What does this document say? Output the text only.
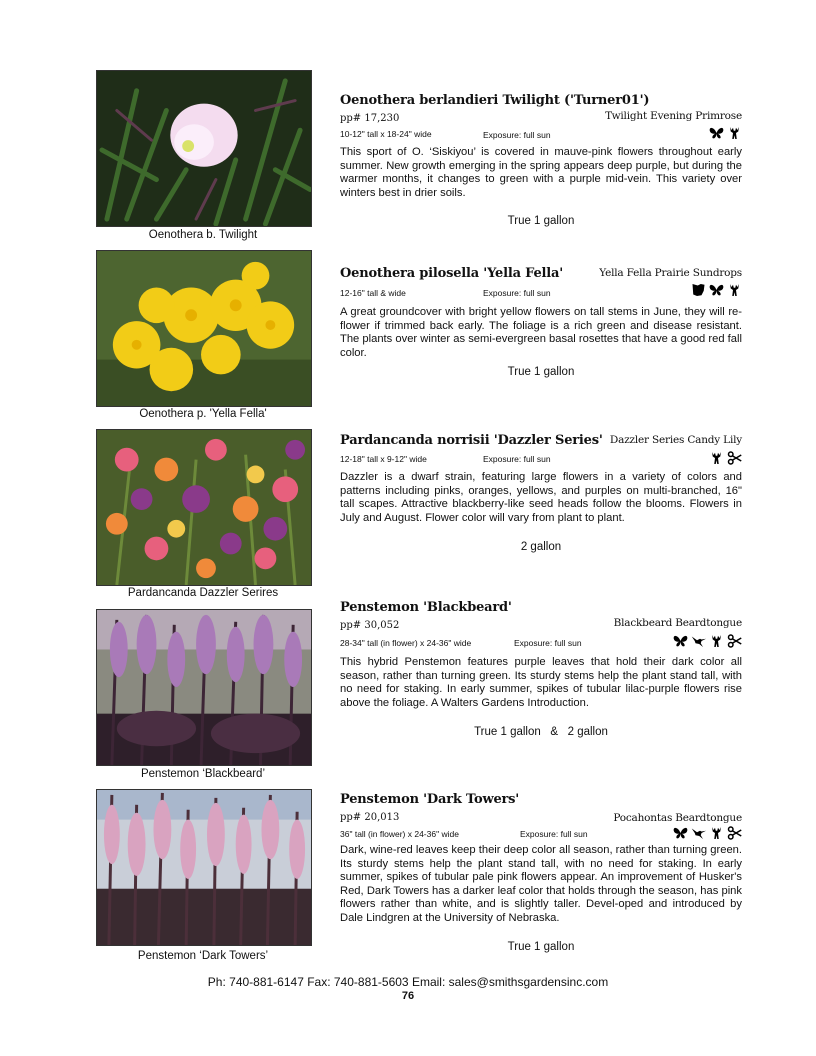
Oenothera b. Twilight
Oenothera berlandieri Twilight ('Turner01')
pp# 17,230	Twilight Evening Primrose
10-12" tall x 18-24" wide	Exposure: full sun

This sport of O. ‘Siskiyou’ is covered in mauve-pink flowers throughout early summer. New growth emerging in the spring appears deep purple, but during the warmer months, it changes to green with a purple mid-vein. This variety over winters best in drier soils.

True 1 gallon
Oenothera p. 'Yella Fella'
Oenothera pilosella 'Yella Fella'	Yella Fella Prairie Sundrops
12-16" tall & wide	Exposure: full sun

A great groundcover with bright yellow flowers on tall stems in June, they will re-flower if trimmed back early. The foliage is a rich green and disease resistant. The plants over winter as semi-evergreen basal rosettes that have a good red fall color.

True 1 gallon
Pardancanda Dazzler Serires
Pardancanda norrisii 'Dazzler Series' Dazzler Series Candy Lily
12-18" tall x 9-12" wide	Exposure: full sun

Dazzler is a dwarf strain, featuring large flowers in a variety of colors and patterns including pinks, oranges, yellows, and purples on multi-branched, 16" tall scapes. Attractive blackberry-like seed heads follow the blooms. Flowers in July and August. Flower color will vary from plant to plant.

2 gallon
Penstemon ‘Blackbeard’
Penstemon 'Blackbeard'
pp# 30,052	Blackbeard Beardtongue
28-34" tall (in flower) x 24-36" wide	Exposure: full sun

This hybrid Penstemon features purple leaves that hold their dark color all season, rather than turning green. Its sturdy stems help the plant stand tall, with no need for staking. In early summer, spikes of tubular lilac-purple flowers rise above the foliage. A Walters Gardens Introduction.

True 1 gallon & 2 gallon
Penstemon ‘Dark Towers’
Penstemon 'Dark Towers'
pp# 20,013	Pocahontas Beardtongue
36" tall (in flower) x 24-36" wide	Exposure: full sun

Dark, wine-red leaves keep their deep color all season, rather than turning green. Its sturdy stems help the plant stand tall, with no need for staking. In early summer, spikes of tubular pale pink flowers appear. An improvement of Husker's Red, Dark Towers has a darker leaf color that holds through the season, has pink flowers rather than white, and is slightly taller. Devel-oped and introduced by Dale Lindgren at the University of Nebraska.

True 1 gallon
Ph: 740-881-6147 Fax: 740-881-5603 Email: sales@smithsgardensinc.com
76
